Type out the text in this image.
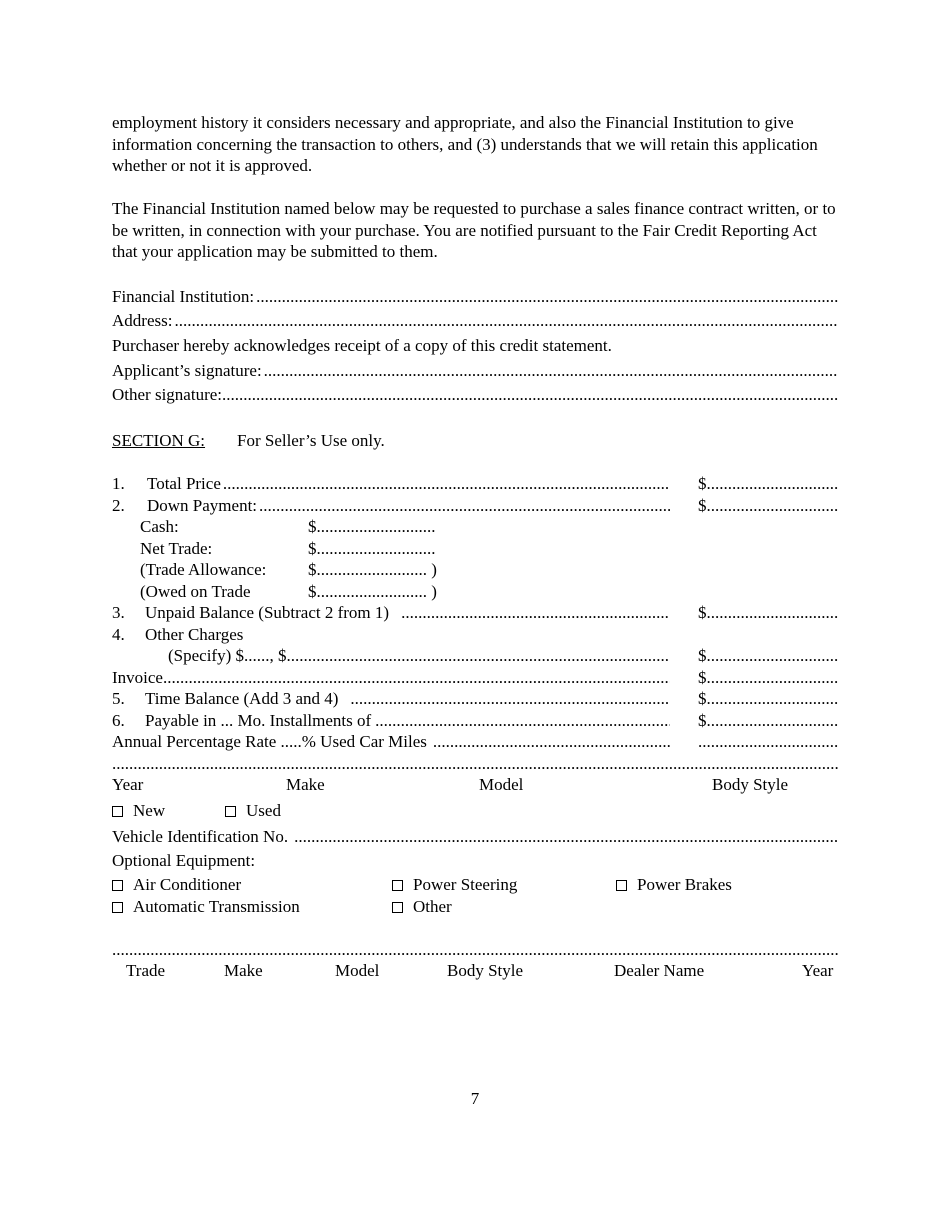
employment history it considers necessary and appropriate, and also the Financial Institution to give information concerning the transaction to others, and (3) understands that we will retain this application whether or not it is approved.

The Financial Institution named below may be requested to purchase a sales finance contract written, or to be written, in connection with your purchase. You are notified pursuant to the Fair Credit Reporting Act that your application may be submitted to them.

Financial Institution:
.....
Address:
.....
Purchaser hereby acknowledges receipt of a copy of this credit statement.
Applicant’s signature:
.....
Other signature:
.....
SECTION G: For Seller’s Use only.
1. Total Price .....	$ .....
2. Down Payment: .....	$ .....
Cash:	$............................
Net Trade:	$............................
(Trade Allowance: $.......................... )
(Owed on Trade	$.......................... )
3. Unpaid Balance (Subtract 2 from 1) .....	$ .....
4. Other Charges
(Specify) $......, $ .....	$ .....
Invoice .....	$ .....
5. Time Balance (Add 3 and 4) .....	$ .....
6. Payable in ... Mo. Installments of .....	$ .....
Annual Percentage Rate .....% Used Car Miles
.....
.....
.....
Year	Make	Model	Body Style
New	Used
Vehicle Identification No.
.....
Optional Equipment:
Air Conditioner	Power Steering	Power Brakes
Automatic Transmission	Other
.....
Trade	Make	Model	Body Style	Dealer Name	Year
7
